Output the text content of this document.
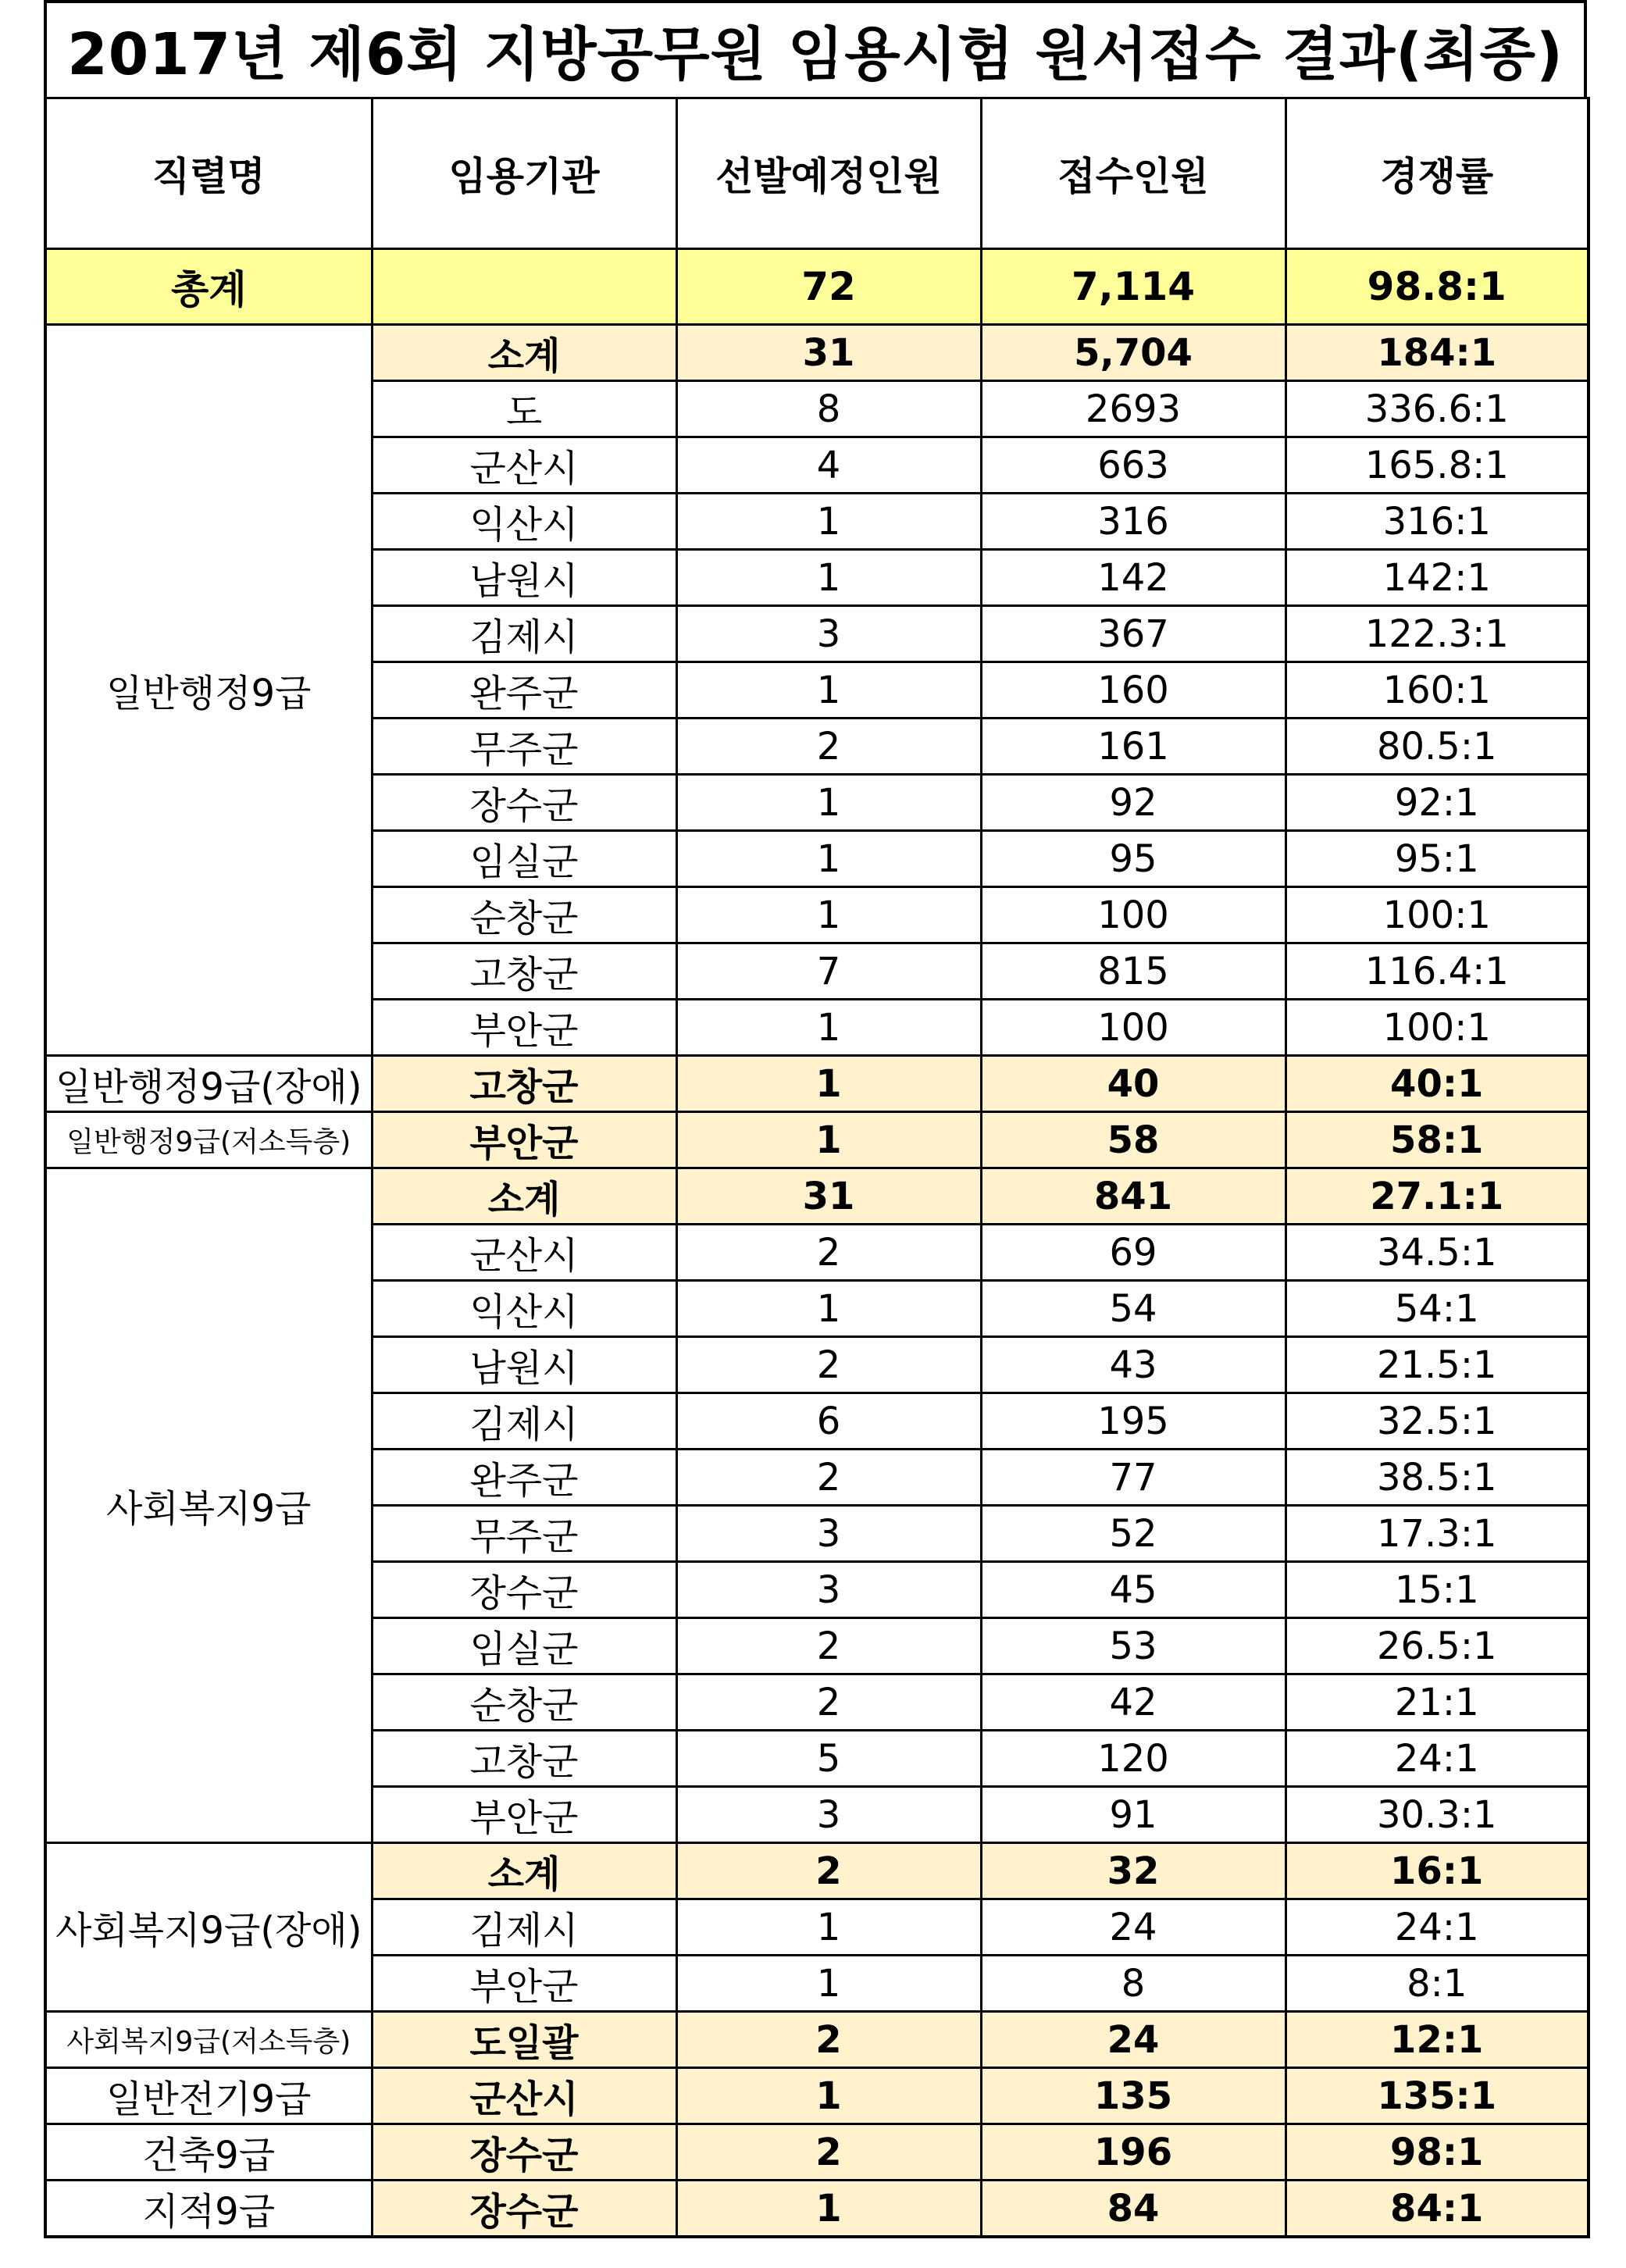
2017년 제6회 지방공무원 임용시험 원서접수 결과(최종)
직렬명	임용기관	선발예정인원	접수인원	경쟁률
총계		72	7,114	98.8:1
일반행정9급	소계	31	5,704	184:1
	도	8	2693	336.6:1
	군산시	4	663	165.8:1
	익산시	1	316	316:1
	남원시	1	142	142:1
	김제시	3	367	122.3:1
	완주군	1	160	160:1
	무주군	2	161	80.5:1
	장수군	1	92	92:1
	임실군	1	95	95:1
	순창군	1	100	100:1
	고창군	7	815	116.4:1
	부안군	1	100	100:1
일반행정9급(장애)	고창군	1	40	40:1
일반행정9급(저소득층)	부안군	1	58	58:1
사회복지9급	소계	31	841	27.1:1
	군산시	2	69	34.5:1
	익산시	1	54	54:1
	남원시	2	43	21.5:1
	김제시	6	195	32.5:1
	완주군	2	77	38.5:1
	무주군	3	52	17.3:1
	장수군	3	45	15:1
	임실군	2	53	26.5:1
	순창군	2	42	21:1
	고창군	5	120	24:1
	부안군	3	91	30.3:1
사회복지9급(장애)	소계	2	32	16:1
	김제시	1	24	24:1
	부안군	1	8	8:1
사회복지9급(저소득층)	도일괄	2	24	12:1
일반전기9급	군산시	1	135	135:1
건축9급	장수군	2	196	98:1
지적9급	장수군	1	84	84:1
